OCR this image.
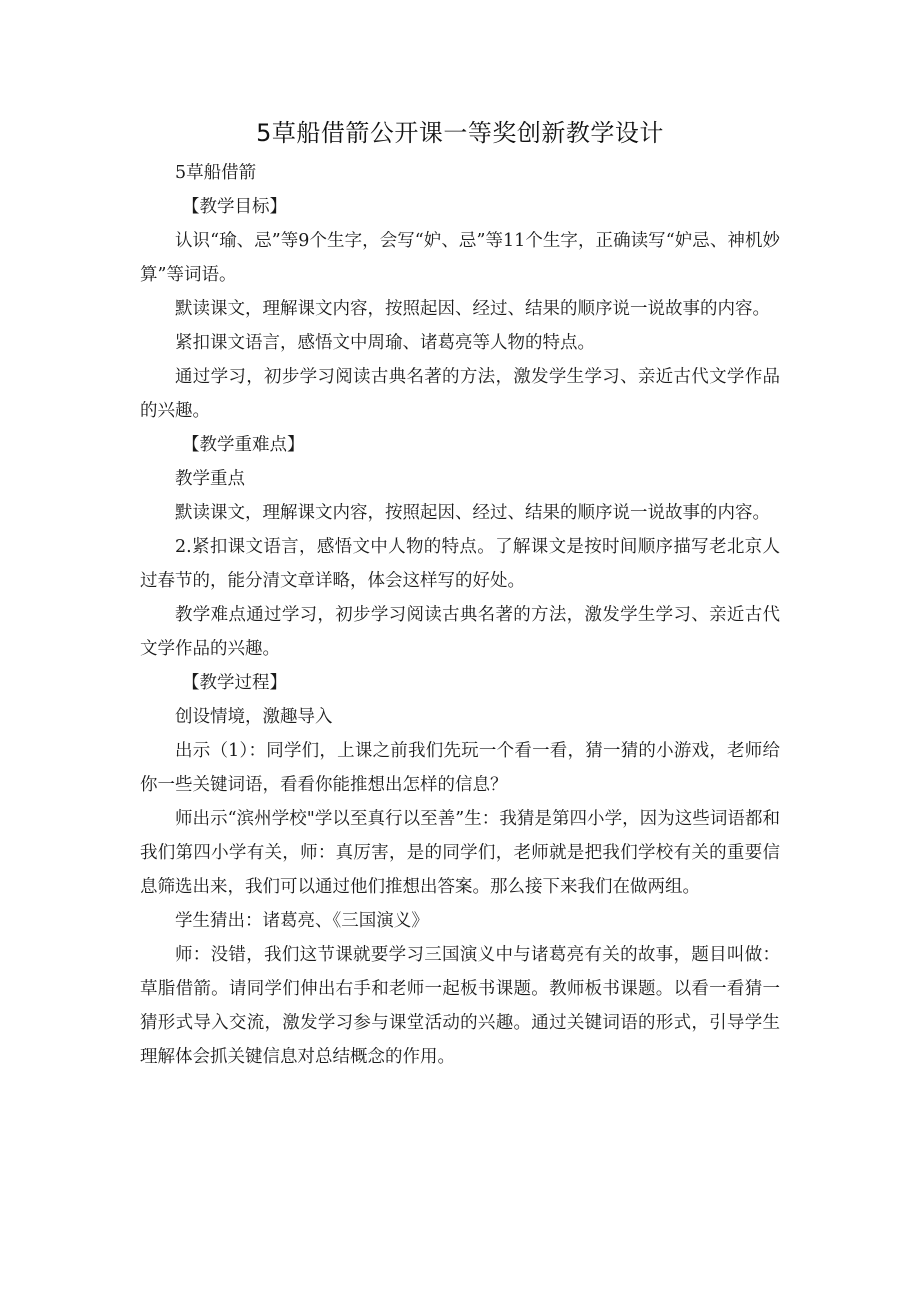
5草船借箭公开课一等奖创新教学设计

5草船借箭

【教学目标】

认识“瑜、忌”等9个生字，会写“妒、忌”等11个生字，正确读写“妒忌、神机妙算”等词语。

默读课文，理解课文内容，按照起因、经过、结果的顺序说一说故事的内容。

紧扣课文语言，感悟文中周瑜、诸葛亮等人物的特点。

通过学习，初步学习阅读古典名著的方法，激发学生学习、亲近古代文学作品的兴趣。

【教学重难点】

教学重点

默读课文，理解课文内容，按照起因、经过、结果的顺序说一说故事的内容。

2.紧扣课文语言，感悟文中人物的特点。了解课文是按时间顺序描写老北京人过春节的，能分清文章详略，体会这样写的好处。

教学难点通过学习，初步学习阅读古典名著的方法，激发学生学习、亲近古代文学作品的兴趣。

【教学过程】

创设情境，激趣导入

出示（1）：同学们，上课之前我们先玩一个看一看，猜一猜的小游戏，老师给你一些关键词语，看看你能推想出怎样的信息？

师出示“滨州学校"学以至真行以至善”生：我猜是第四小学，因为这些词语都和我们第四小学有关，师：真厉害，是的同学们，老师就是把我们学校有关的重要信息筛选出来，我们可以通过他们推想出答案。那么接下来我们在做两组。

学生猜出：诸葛亮、《三国演义》

师：没错，我们这节课就要学习三国演义中与诸葛亮有关的故事，题目叫做：草脂借箭。请同学们伸出右手和老师一起板书课题。教师板书课题。以看一看猜一猜形式导入交流，激发学习参与课堂活动的兴趣。通过关键词语的形式，引导学生理解体会抓关键信息对总结概念的作用。
